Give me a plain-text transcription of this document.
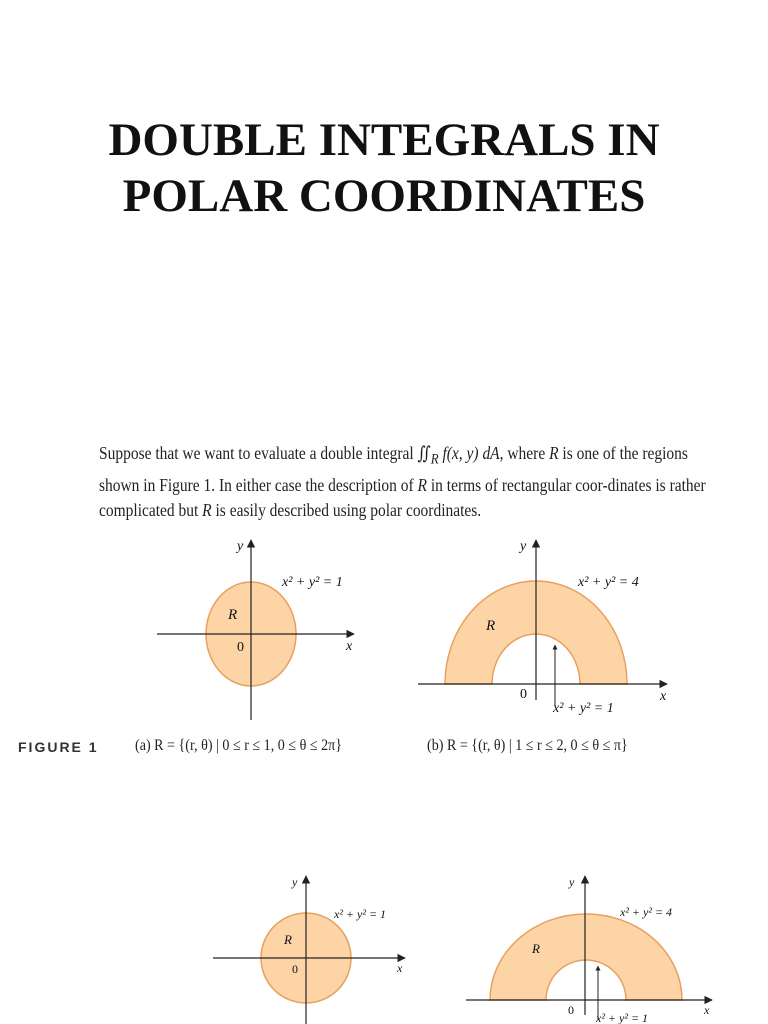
DOUBLE INTEGRALS IN
POLAR COORDINATES
Suppose that we want to evaluate a double integral $∬_R$ f(x, y) dA, where R is one of the regions shown in Figure 1. In either case the description of R in terms of rectangular coor-dinates is rather complicated but R is easily described using polar coordinates.
y
x
0
R
x² + y² = 1
y
x
0
R
x² + y² = 4
x² + y² = 1
y
x
0
R
x² + y² = 1
y
x
0
R
x² + y² = 4
x² + y² = 1
FIGURE 1 (a) R = {(r, θ) | 0 ≤ r ≤ 1, 0 ≤ θ ≤ 2π}	(b) R = {(r, θ) | 1 ≤ r ≤ 2, 0 ≤ θ ≤ π}
